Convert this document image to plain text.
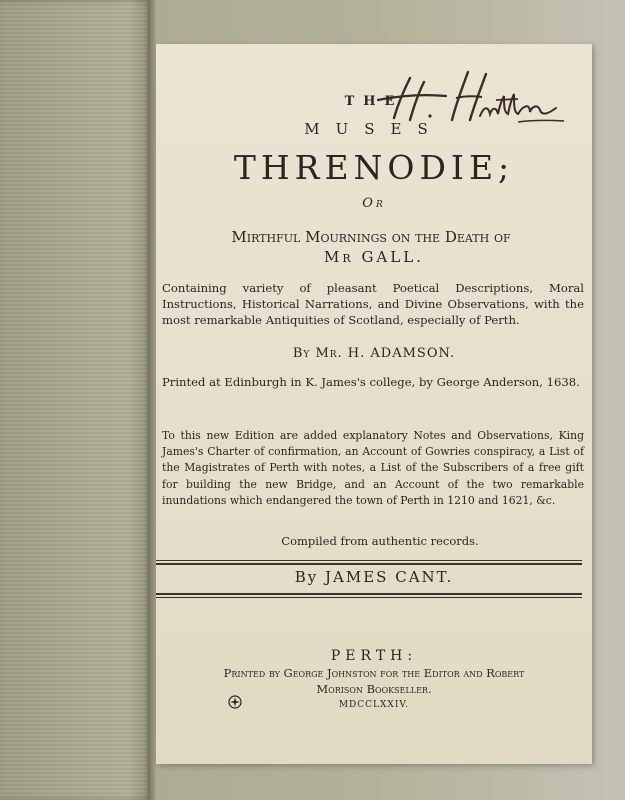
THE
MUSES
THRENODIE;
Or
Mirthful Mournings on the Death of
Mr GALL.
Containing variety of pleasant Poetical Descriptions, Moral Instructions, Historical Narrations, and Divine Observations, with the most remarkable Antiquities of Scotland, especially of Perth.
By Mr. H. ADAMSON.
Printed at Edinburgh in K. James's college, by George Anderson, 1638.
To this new Edition are added explanatory Notes and Observations, King James's Charter of confirmation, an Account of Gowries conspiracy, a List of the Magistrates of Perth with notes, a List of the Subscribers of a free gift for building the new Bridge, and an Account of the two remarkable inundations which endangered the town of Perth in 1210 and 1621, &c.
Compiled from authentic records.
By JAMES CANT.
PERTH:
Printed by George Johnston for the Editor and Robert
Morison Bookseller.
MDCCLXXIV.
